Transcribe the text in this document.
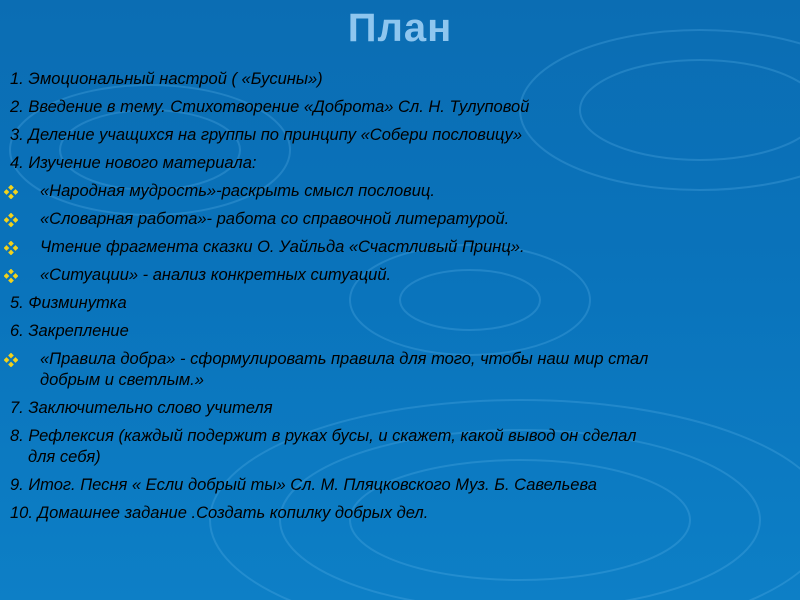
План
1. Эмоциональный настрой ( «Бусины»)
2. Введение в тему. Стихотворение «Доброта» Сл. Н. Тулуповой
3. Деление учащихся на группы по принципу «Собери пословицу»
4. Изучение нового материала:
«Народная мудрость»-раскрыть смысл пословиц.
«Словарная работа»- работа со справочной литературой.
Чтение фрагмента сказки О. Уайльда «Счастливый Принц».
«Ситуации» - анализ конкретных ситуаций.
5. Физминутка
6. Закрепление
«Правила добра» - сформулировать правила для того, чтобы наш мир стал
добрым и светлым.»
7. Заключительно слово учителя
8. Рефлексия (каждый подержит в руках бусы, и скажет, какой вывод он сделал
для себя)
9. Итог. Песня « Если добрый ты» Сл. М. Пляцковского Муз. Б. Савельева
10. Домашнее задание .Создать копилку добрых дел.
